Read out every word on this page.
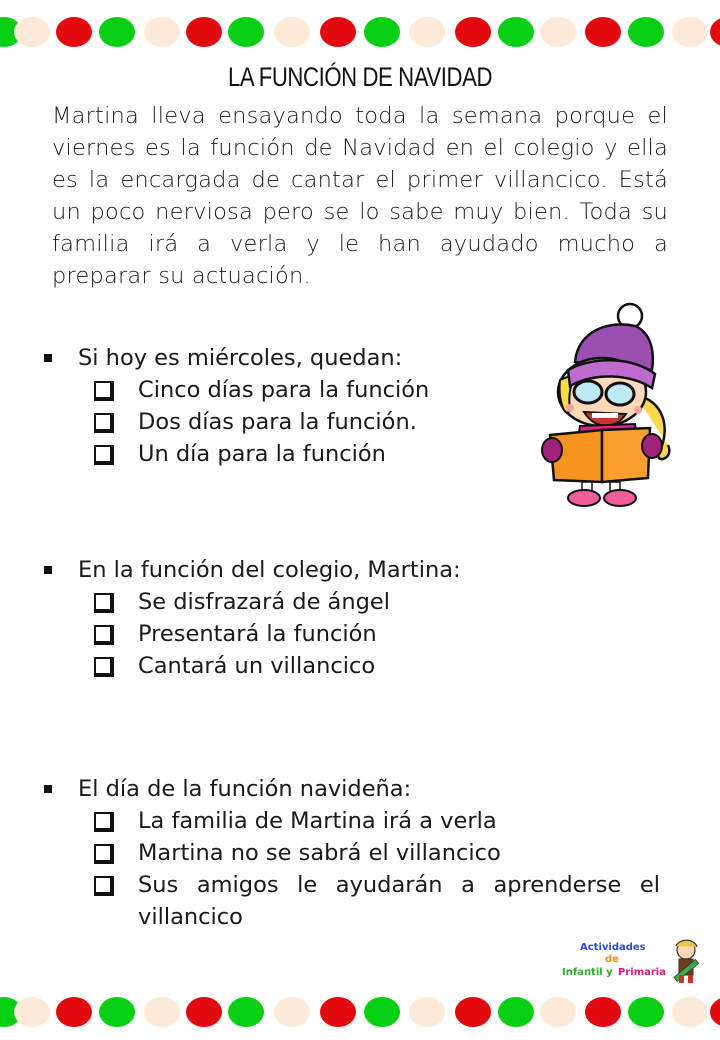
LA FUNCIÓN DE NAVIDAD
Martina lleva ensayando toda la semana porque el viernes es la función de Navidad en el colegio y ella es la encargada de cantar el primer villancico. Está un poco nerviosa pero se lo sabe muy bien. Toda su familia irá a verla y le han ayudado mucho a preparar su actuación.
Si hoy es miércoles, quedan:
Cinco días para la función
Dos días para la función.
Un día para la función
En la función del colegio, Martina:
Se disfrazará de ángel
Presentará la función
Cantará un villancico
El día de la función navideña:
La familia de Martina irá a verla
Martina no se sabrá el villancico
Sus amigos le ayudarán a aprenderse el
villancico
Actividades
de
Infantil y Primaria
